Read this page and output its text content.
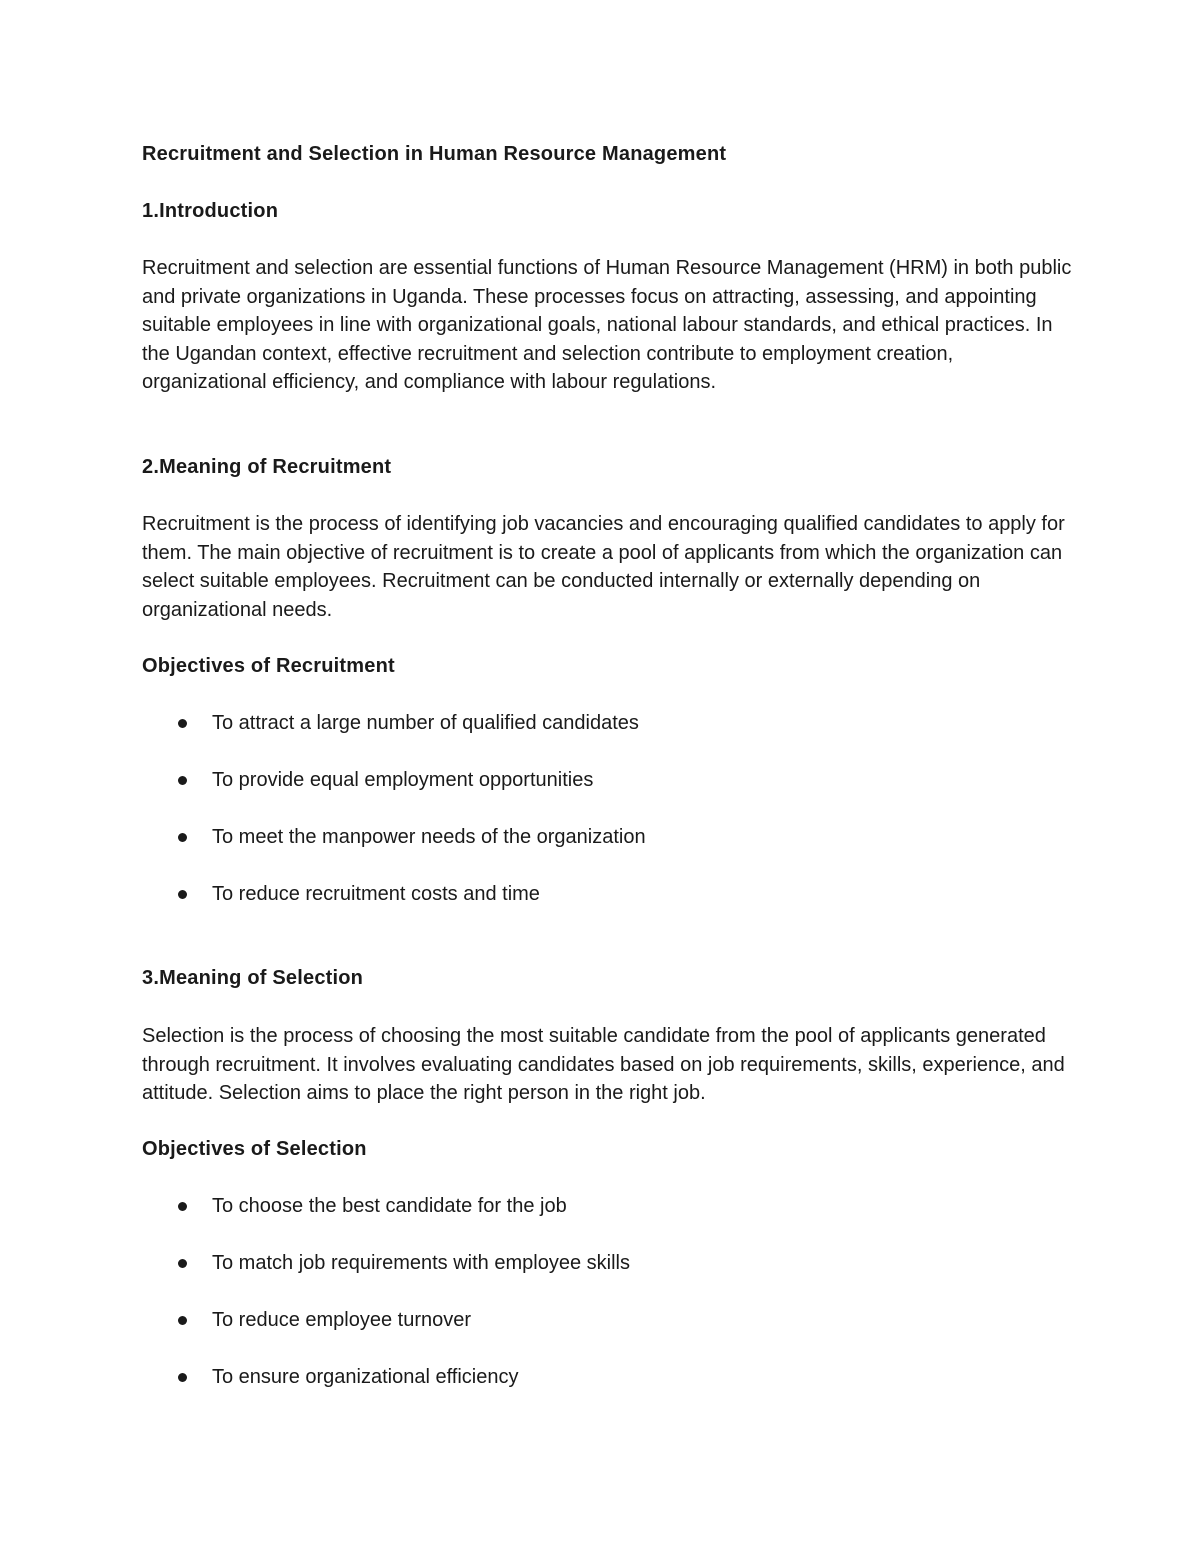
Recruitment and Selection in Human Resource Management

1.Introduction

Recruitment and selection are essential functions of Human Resource Management (HRM) in both public and private organizations in Uganda. These processes focus on attracting, assessing, and appointing suitable employees in line with organizational goals, national labour standards, and ethical practices. In the Ugandan context, effective recruitment and selection contribute to employment creation, organizational efficiency, and compliance with labour regulations.

2.Meaning of Recruitment

Recruitment is the process of identifying job vacancies and encouraging qualified candidates to apply for them. The main objective of recruitment is to create a pool of applicants from which the organization can select suitable employees. Recruitment can be conducted internally or externally depending on organizational needs.

Objectives of Recruitment

To attract a large number of qualified candidates
To provide equal employment opportunities
To meet the manpower needs of the organization
To reduce recruitment costs and time

3.Meaning of Selection

Selection is the process of choosing the most suitable candidate from the pool of applicants generated through recruitment. It involves evaluating candidates based on job requirements, skills, experience, and attitude. Selection aims to place the right person in the right job.

Objectives of Selection

To choose the best candidate for the job
To match job requirements with employee skills
To reduce employee turnover
To ensure organizational efficiency
